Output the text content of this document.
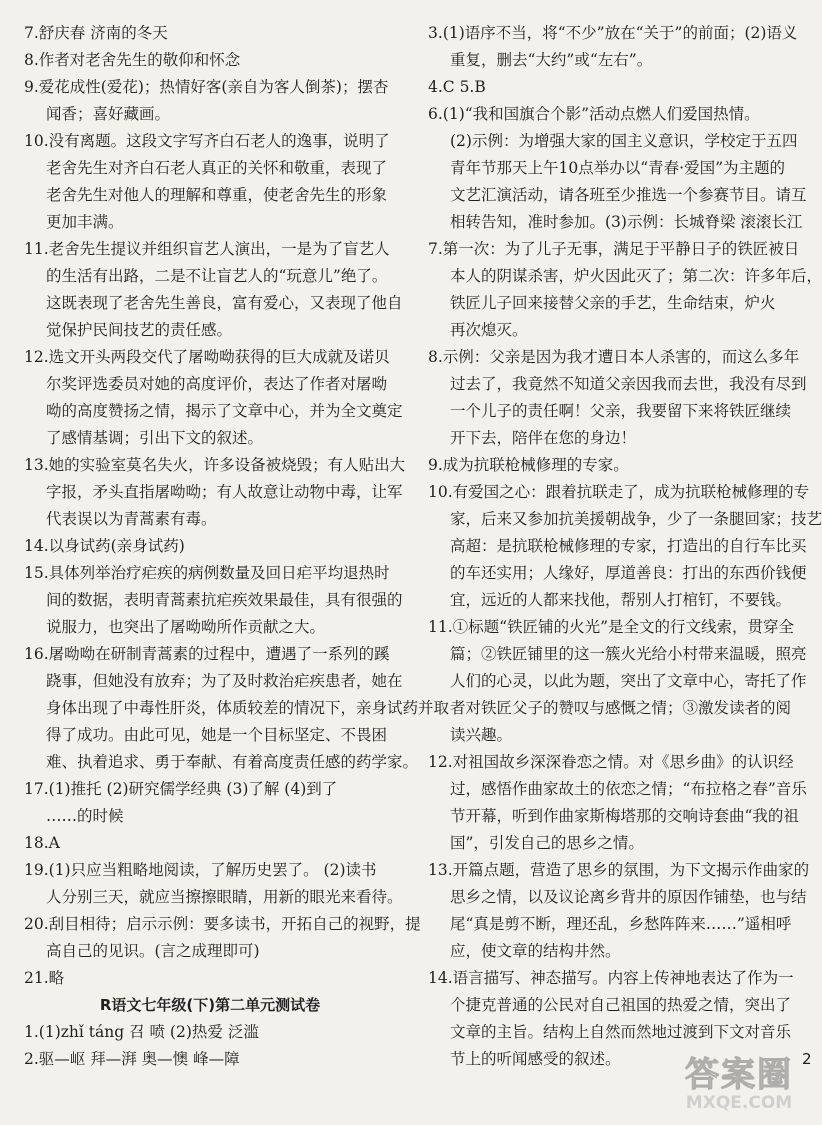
7.舒庆春 济南的冬天
8.作者对老舍先生的敬仰和怀念
9.爱花成性(爱花)；热情好客(亲自为客人倒茶)；摆杏
闻香；喜好藏画。
10.没有离题。这段文字写齐白石老人的逸事，说明了
老舍先生对齐白石老人真正的关怀和敬重，表现了
老舍先生对他人的理解和尊重，使老舍先生的形象
更加丰满。
11.老舍先生提议并组织盲艺人演出，一是为了盲艺人
的生活有出路，二是不让盲艺人的“玩意儿”绝了。
这既表现了老舍先生善良，富有爱心，又表现了他自
觉保护民间技艺的责任感。
12.选文开头两段交代了屠呦呦获得的巨大成就及诺贝
尔奖评选委员对她的高度评价，表达了作者对屠呦
呦的高度赞扬之情，揭示了文章中心，并为全文奠定
了感情基调；引出下文的叙述。
13.她的实验室莫名失火，许多设备被烧毁；有人贴出大
字报，矛头直指屠呦呦；有人故意让动物中毒，让军
代表误以为青蒿素有毒。
14.以身试药(亲身试药)
15.具体列举治疗疟疾的病例数量及回日疟平均退热时
间的数据，表明青蒿素抗疟疾效果最佳，具有很强的
说服力，也突出了屠呦呦所作贡献之大。
16.屠呦呦在研制青蒿素的过程中，遭遇了一系列的蹊
跷事，但她没有放弃；为了及时救治疟疾患者，她在
身体出现了中毒性肝炎，体质较差的情况下，亲身试药并取
得了成功。由此可见，她是一个目标坚定、不畏困
难、执着追求、勇于奉献、有着高度责任感的药学家。
17.(1)推托 (2)研究儒学经典 (3)了解 (4)到了
……的时候
18.A
19.(1)只应当粗略地阅读，了解历史罢了。 (2)读书
人分别三天，就应当擦擦眼睛，用新的眼光来看待。
20.刮目相待；启示示例：要多读书，开拓自己的视野，提
高自己的见识。(言之成理即可)
21.略
R语文七年级(下)第二单元测试卷
1.(1)zhǐ táng 召 喷 (2)热爱 泛滥
2.驱—岖 拜—湃 奥—懊 峰—障
3.(1)语序不当，将“不少”放在“关于”的前面；(2)语义
重复，删去“大约”或“左右”。
4.C 5.B
6.(1)“我和国旗合个影”活动点燃人们爱国热情。
(2)示例：为增强大家的国主义意识，学校定于五四
青年节那天上午10点举办以“青春·爱国”为主题的
文艺汇演活动，请各班至少推选一个参赛节目。请互
相转告知，准时参加。(3)示例：长城脊梁 滚滚长江
7.第一次：为了儿子无事，满足于平静日子的铁匠被日
本人的阴谋杀害，炉火因此灭了；第二次：许多年后，
铁匠儿子回来接替父亲的手艺，生命结束，炉火
再次熄灭。
8.示例：父亲是因为我才遭日本人杀害的，而这么多年
过去了，我竟然不知道父亲因我而去世，我没有尽到
一个儿子的责任啊！父亲，我要留下来将铁匠继续
开下去，陪伴在您的身边！
9.成为抗联枪械修理的专家。
10.有爱国之心：跟着抗联走了，成为抗联枪械修理的专
家，后来又参加抗美援朝战争，少了一条腿回家；技艺
高超：是抗联枪械修理的专家，打造出的自行车比买
的车还实用；人缘好，厚道善良：打出的东西价钱便
宜，远近的人都来找他，帮别人打棺钉，不要钱。
11.①标题“铁匠铺的火光”是全文的行文线索，贯穿全
篇；②铁匠铺里的这一簇火光给小村带来温暖，照亮
人们的心灵，以此为题，突出了文章中心，寄托了作
者对铁匠父子的赞叹与感慨之情；③激发读者的阅
读兴趣。
12.对祖国故乡深深眷恋之情。对《思乡曲》的认识经
过，感悟作曲家故土的依恋之情；“布拉格之春”音乐
节开幕，听到作曲家斯梅塔那的交响诗套曲“我的祖
国”，引发自己的思乡之情。
13.开篇点题，营造了思乡的氛围，为下文揭示作曲家的
思乡之情，以及议论离乡背井的原因作铺垫，也与结
尾“真是剪不断，理还乱，乡愁阵阵来……”遥相呼
应，使文章的结构井然。
14.语言描写、神态描写。内容上传神地表达了作为一
个捷克普通的公民对自己祖国的热爱之情，突出了
文章的主旨。结构上自然而然地过渡到下文对音乐
节上的听闻感受的叙述。	2
答案圈
MXQE.COM
